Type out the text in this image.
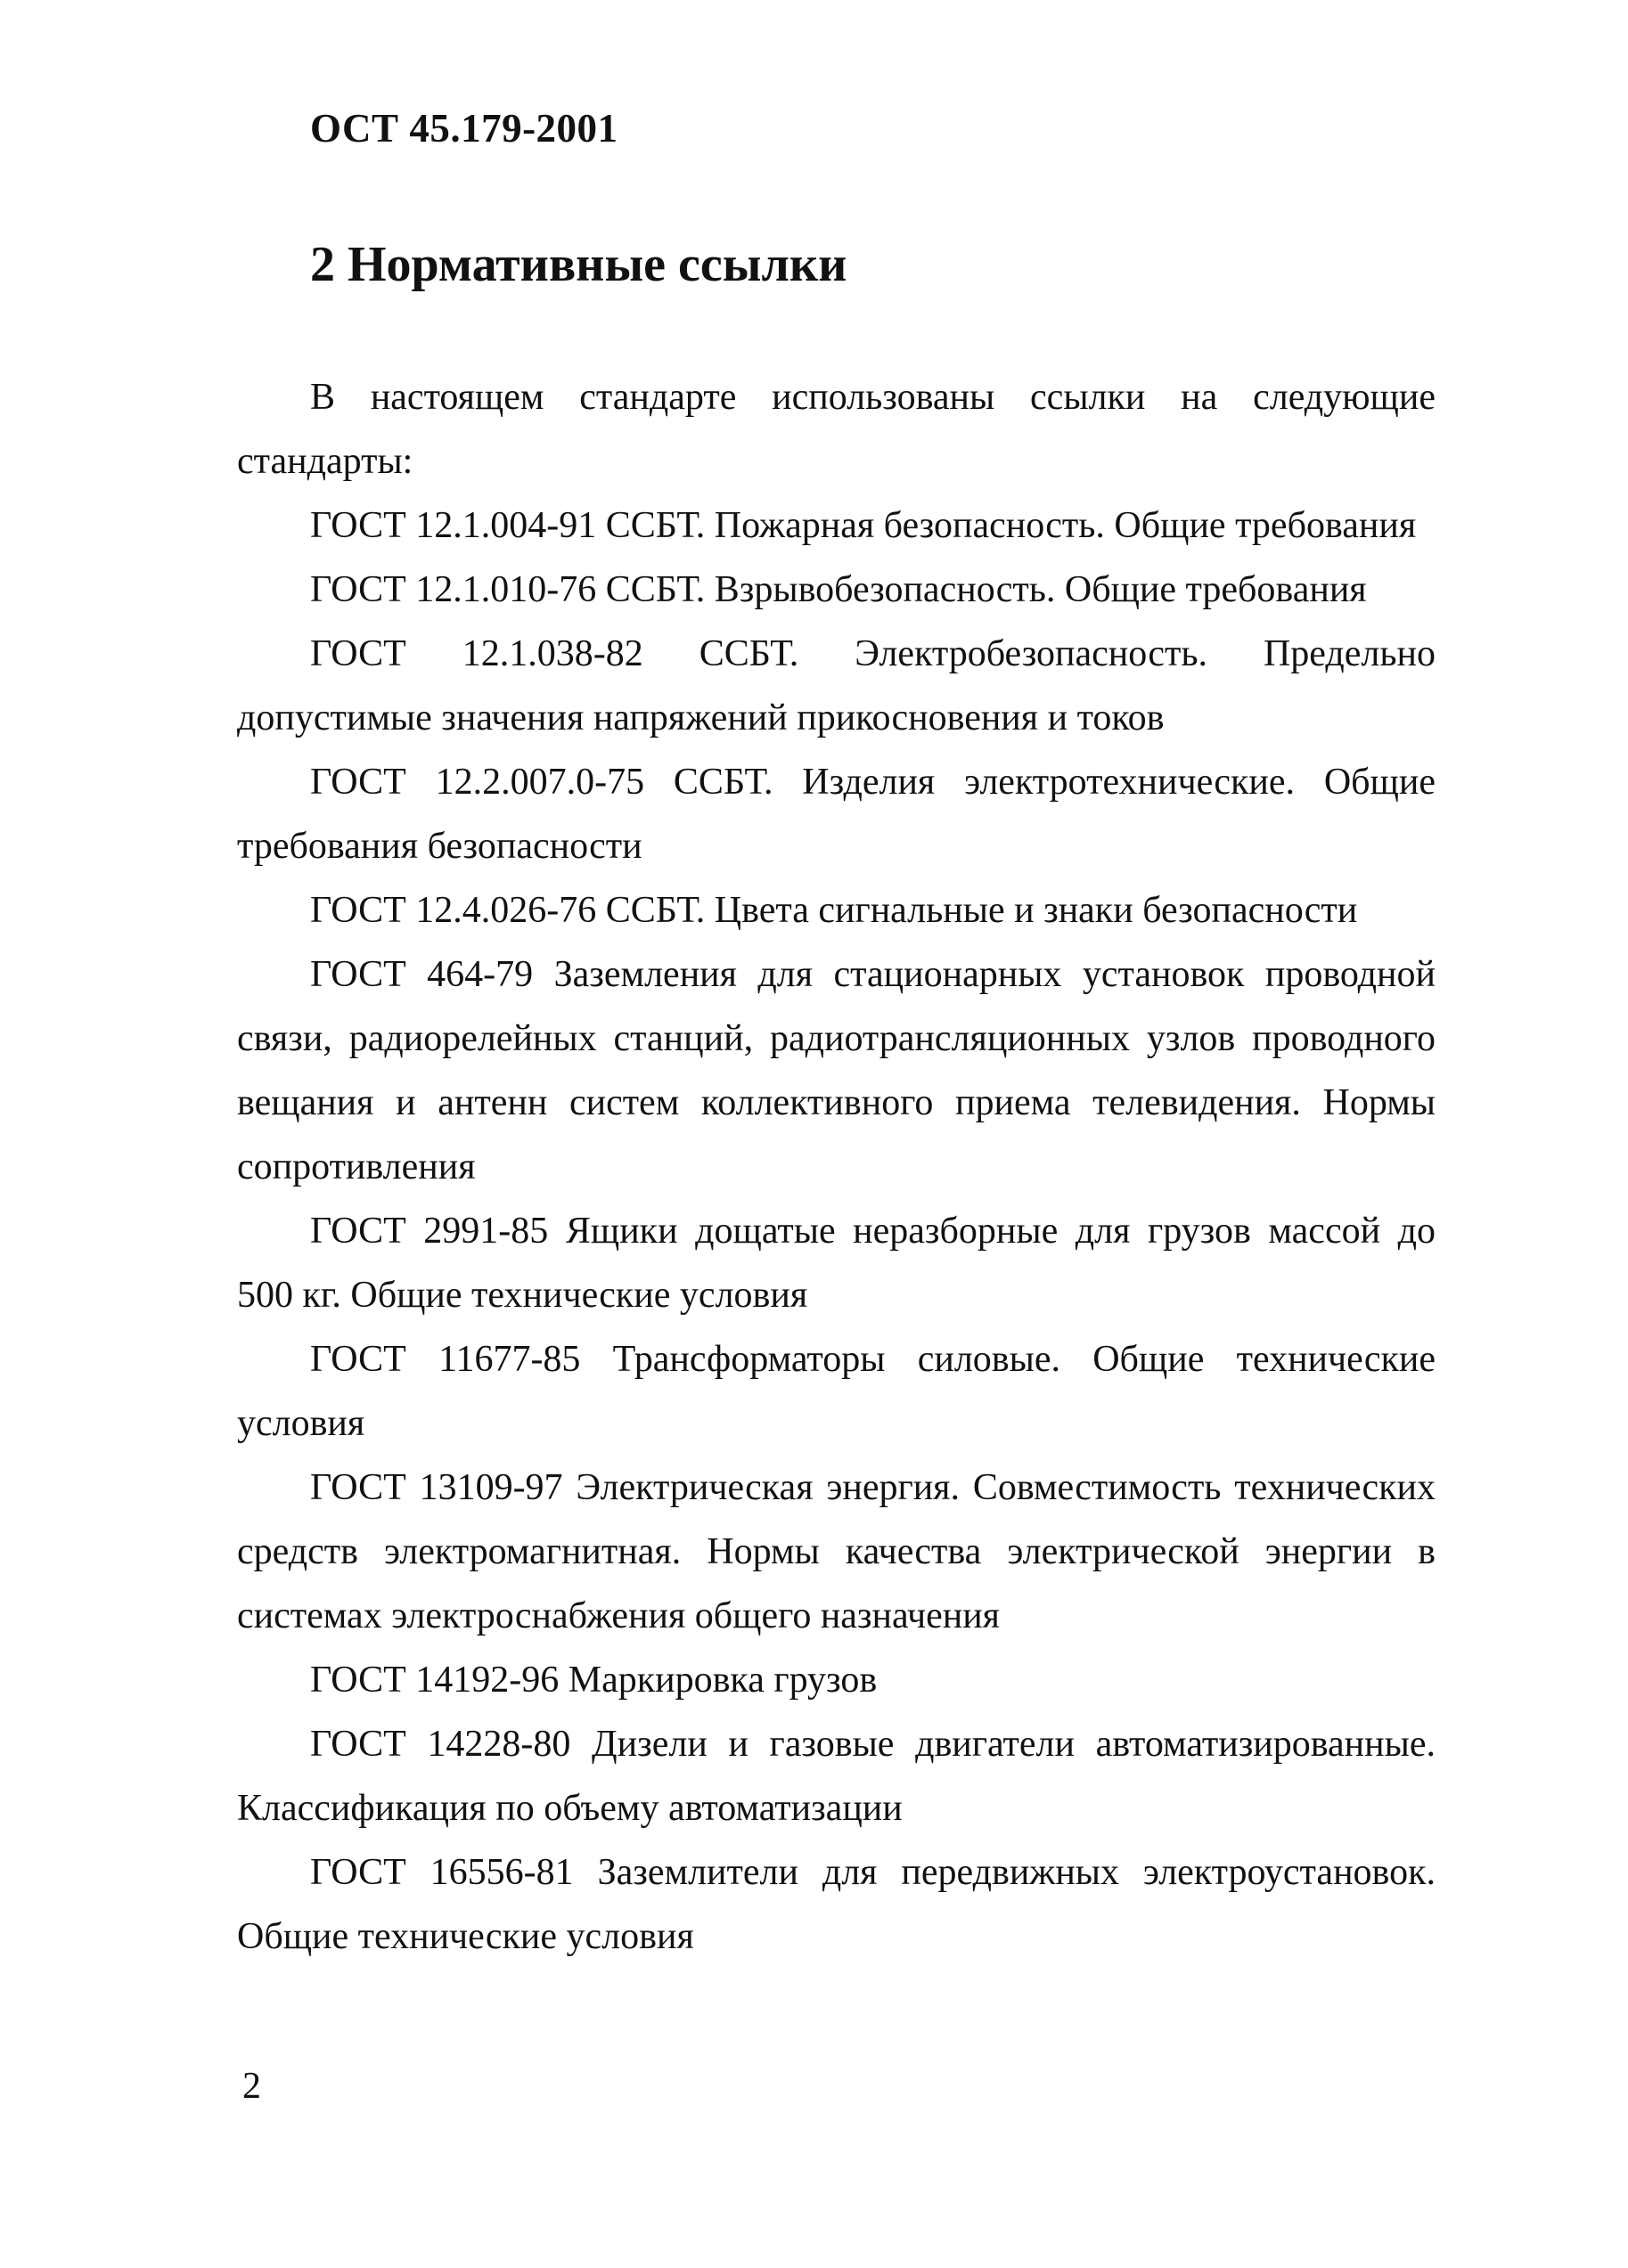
ОСТ 45.179-2001
2 Нормативные ссылки

В настоящем стандарте использованы ссылки на следующие стандарты:

ГОСТ 12.1.004-91 ССБТ. Пожарная безопасность. Общие требования

ГОСТ 12.1.010-76 ССБТ. Взрывобезопасность. Общие требования

ГОСТ 12.1.038-82 ССБТ. Электробезопасность. Предельно допустимые значения напряжений прикосновения и токов

ГОСТ 12.2.007.0-75 ССБТ. Изделия электротехнические. Общие требования безопасности

ГОСТ 12.4.026-76 ССБТ. Цвета сигнальные и знаки безопасности

ГОСТ 464-79 Заземления для стационарных установок проводной связи, радиорелейных станций, радиотрансляционных узлов проводного вещания и антенн систем коллективного приема телевидения. Нормы сопротивления

ГОСТ 2991-85 Ящики дощатые неразборные для грузов массой до 500 кг. Общие технические условия

ГОСТ 11677-85 Трансформаторы силовые. Общие технические условия

ГОСТ 13109-97 Электрическая энергия. Совместимость технических средств электромагнитная. Нормы качества электрической энергии в системах электроснабжения общего назначения

ГОСТ 14192-96 Маркировка грузов

ГОСТ 14228-80 Дизели и газовые двигатели автоматизированные. Классификация по объему автоматизации

ГОСТ 16556-81 Заземлители для передвижных электроустановок. Общие технические условия

2
